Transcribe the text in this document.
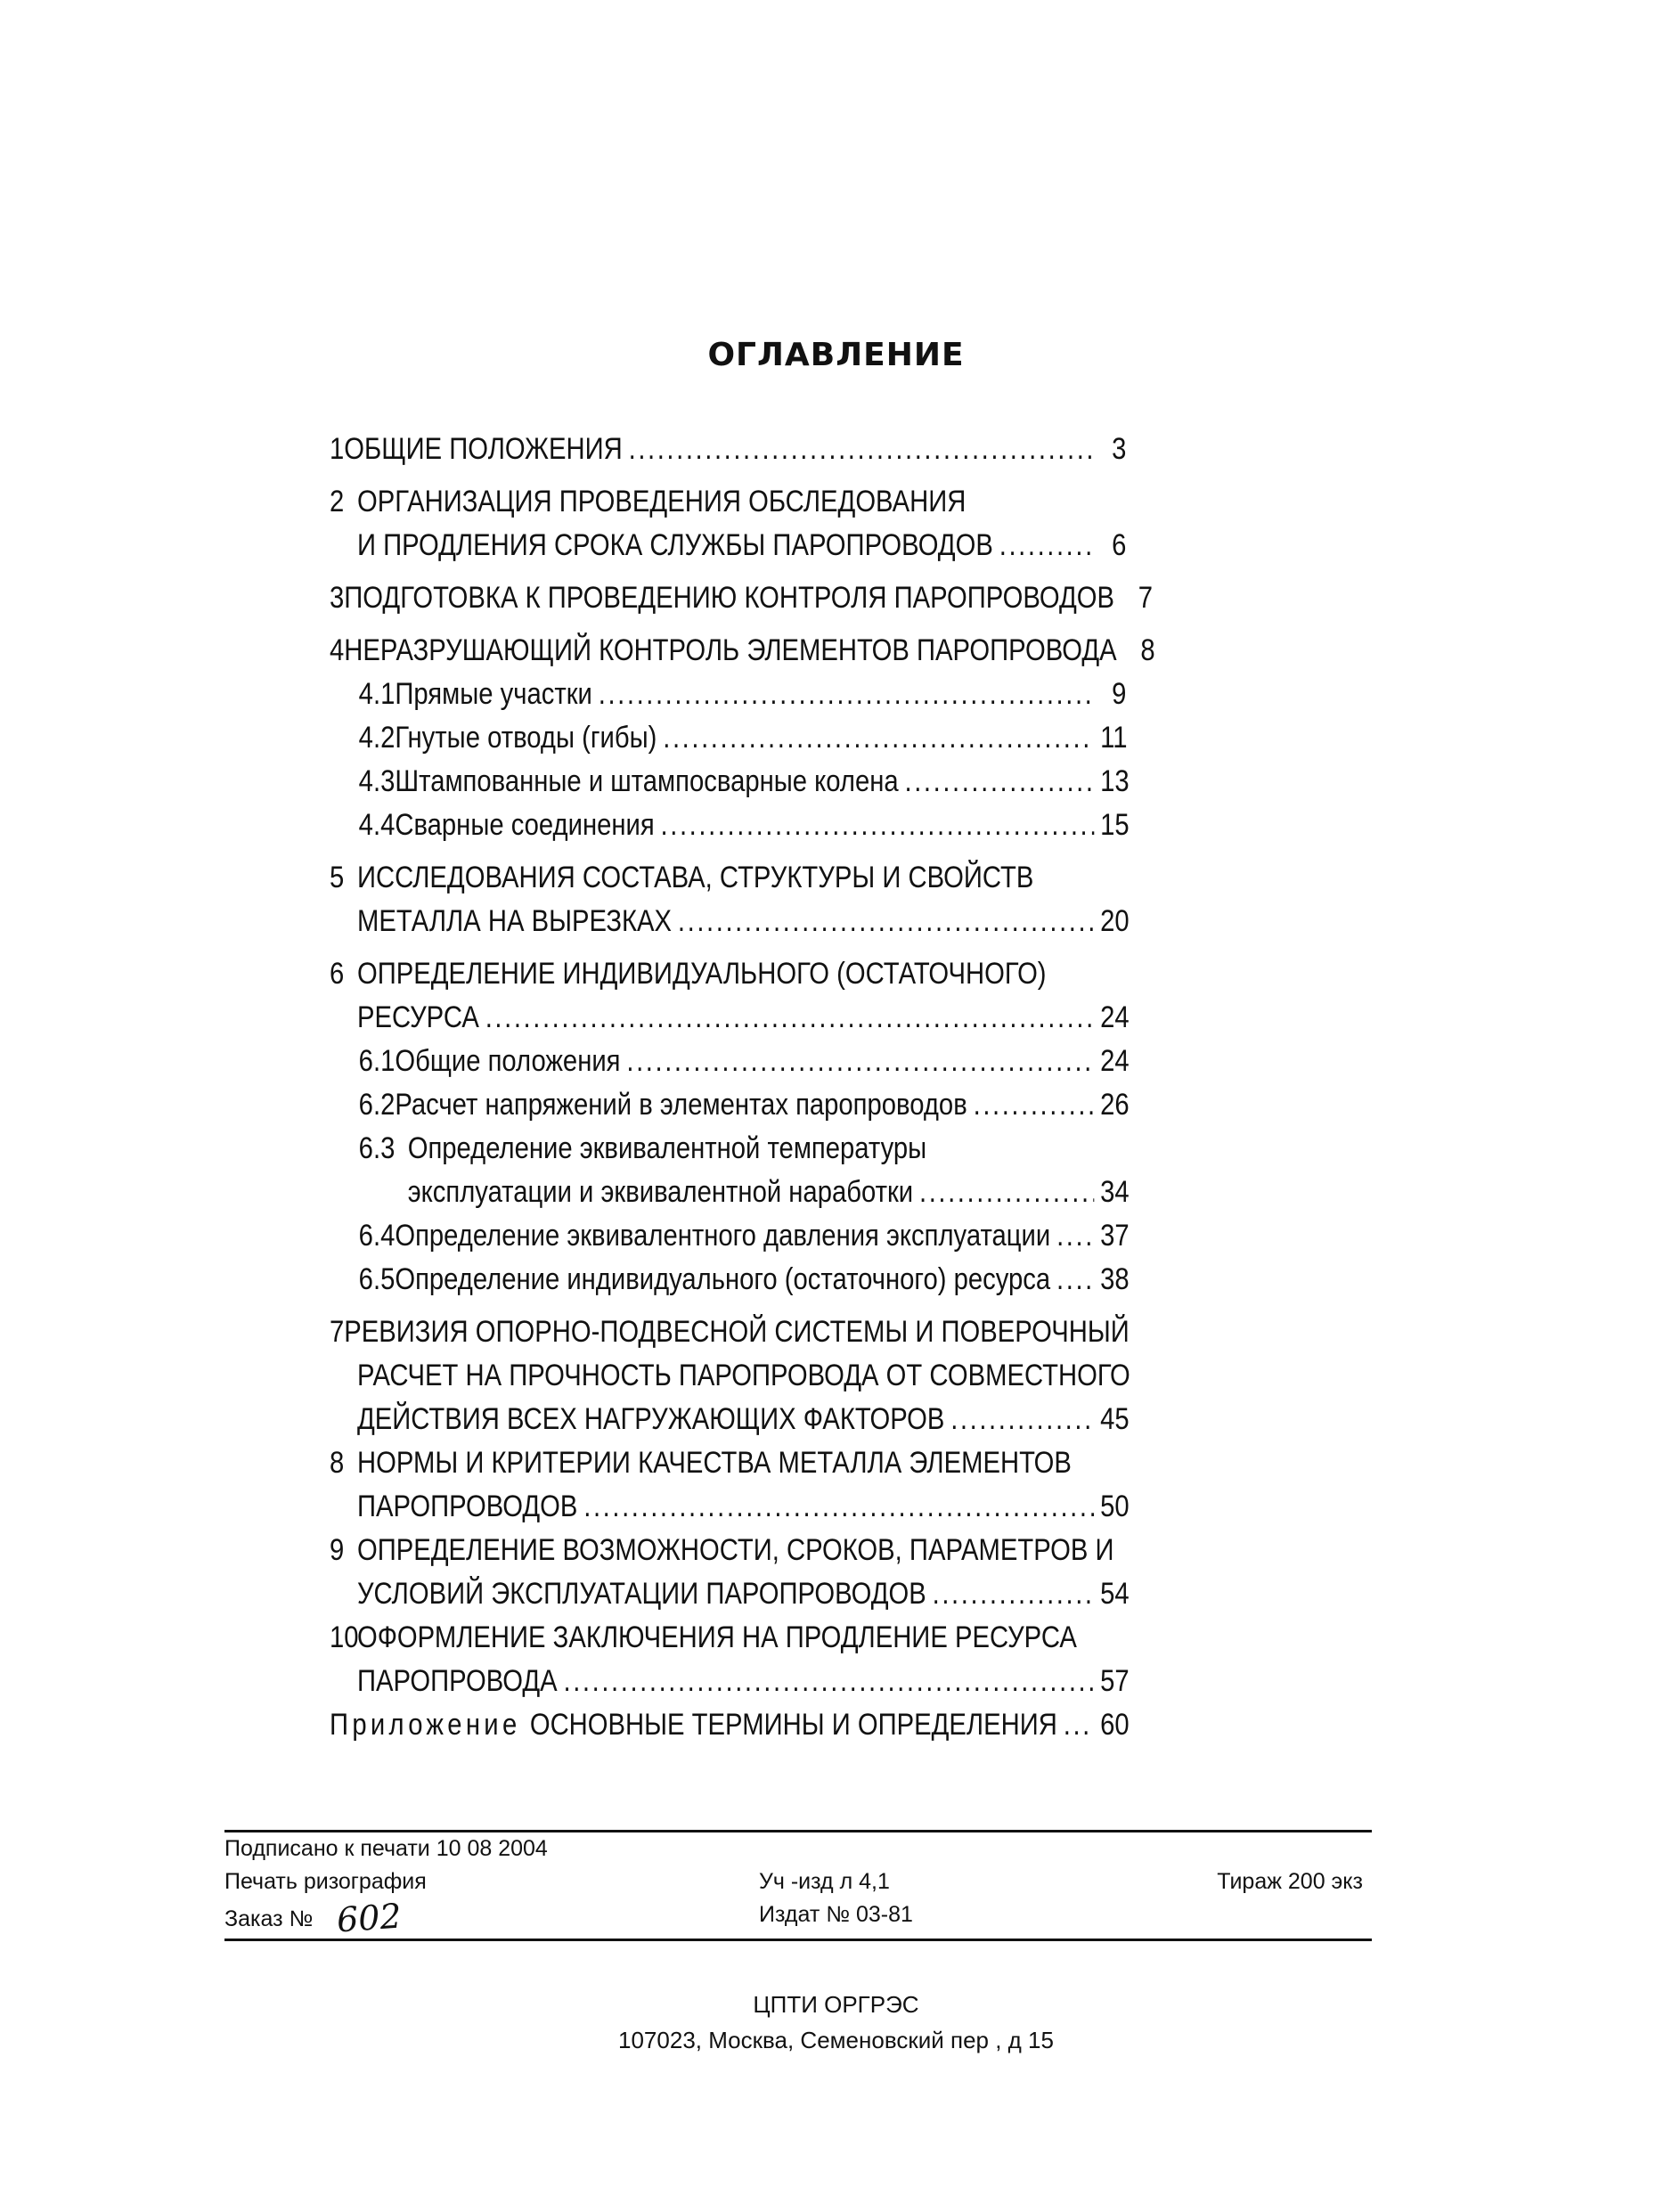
ОГЛАВЛЕНИЕ
1 ОБЩИЕ ПОЛОЖЕНИЯ .....	3
2 ОРГАНИЗАЦИЯ ПРОВЕДЕНИЯ ОБСЛЕДОВАНИЯ
И ПРОДЛЕНИЯ СРОКА СЛУЖБЫ ПАРОПРОВОДОВ .....	6
3 ПОДГОТОВКА К ПРОВЕДЕНИЮ КОНТРОЛЯ ПАРОПРОВОДОВ 7
4 НЕРАЗРУШАЮЩИЙ КОНТРОЛЬ ЭЛЕМЕНТОВ ПАРОПРОВОДА 8
4.1 Прямые участки .....	9
4.2 Гнутые отводы (гибы) .....	11
4.3 Штампованные и штампосварные колена .....	13
4.4 Сварные соединения .....	15
5 ИССЛЕДОВАНИЯ СОСТАВА, СТРУКТУРЫ И СВОЙСТВ
МЕТАЛЛА НА ВЫРЕЗКАХ .....	20
6 ОПРЕДЕЛЕНИЕ ИНДИВИДУАЛЬНОГО (ОСТАТОЧНОГО)
РЕСУРСА .....	24
6.1 Общие положения .....	24
6.2 Расчет напряжений в элементах паропроводов .....	26
6.3 Определение эквивалентной температуры
эксплуатации и эквивалентной наработки .....	34
6.4 Определение эквивалентного давления эксплуатации ..... 37
6.5 Определение индивидуального (остаточного) ресурса ..... 38
7 РЕВИЗИЯ ОПОРНО-ПОДВЕСНОЙ СИСТЕМЫ И ПОВЕРОЧНЫЙ
РАСЧЕТ НА ПРОЧНОСТЬ ПАРОПРОВОДА ОТ СОВМЕСТНОГО
ДЕЙСТВИЯ ВСЕХ НАГРУЖАЮЩИХ ФАКТОРОВ .....	45
8 НОРМЫ И КРИТЕРИИ КАЧЕСТВА МЕТАЛЛА ЭЛЕМЕНТОВ
ПАРОПРОВОДОВ .....	50
9 ОПРЕДЕЛЕНИЕ ВОЗМОЖНОСТИ, СРОКОВ, ПАРАМЕТРОВ И
УСЛОВИЙ ЭКСПЛУАТАЦИИ ПАРОПРОВОДОВ .....	54
10
ОФОРМЛЕНИЕ ЗАКЛЮЧЕНИЯ НА ПРОДЛЕНИЕ РЕСУРСА
ПАРОПРОВОДА .....	57
Приложение ОСНОВНЫЕ ТЕРМИНЫ И ОПРЕДЕЛЕНИЯ ..... 60
Подписано к печати 10 08 2004
Печать ризография	Уч -изд л 4,1	Тираж 200 экз
Заказ № 602	Издат № 03-81
ЦПТИ ОРГРЭС
107023, Москва, Семеновский пер , д 15
